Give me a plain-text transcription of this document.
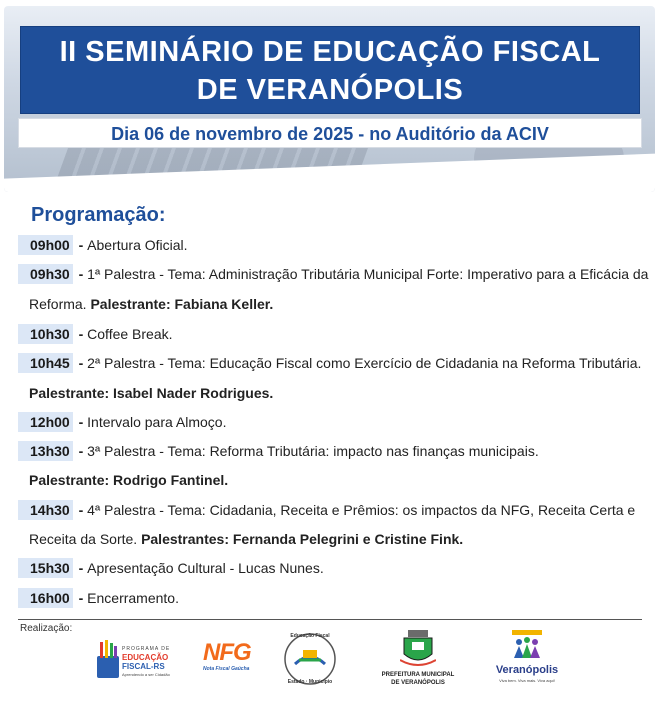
II SEMINÁRIO DE EDUCAÇÃO FISCAL
DE VERANÓPOLIS
Dia 06 de novembro de 2025 - no Auditório da ACIV
Programação:
09h00 - Abertura Oficial.
09h30 - 1ª Palestra - Tema: Administração Tributária Municipal Forte: Imperativo para a Eficácia da
Reforma. Palestrante: Fabiana Keller.
10h30 - Coffee Break.
10h45 - 2ª Palestra - Tema: Educação Fiscal como Exercício de Cidadania na Reforma Tributária.
Palestrante: Isabel Nader Rodrigues.
12h00 - Intervalo para Almoço.
13h30 - 3ª Palestra - Tema: Reforma Tributária: impacto nas finanças municipais.
Palestrante: Rodrigo Fantinel.
14h30 - 4ª Palestra - Tema: Cidadania, Receita e Prêmios: os impactos da NFG, Receita Certa e
Receita da Sorte. Palestrantes: Fernanda Pelegrini e Cristine Fink.
15h30 - Apresentação Cultural - Lucas Nunes.
16h00 - Encerramento.
Realização:
PROGRAMA DE
EDUCAÇÃO
FISCAL-RS
Aprendendo a ser Cidadão
NFG
Nota Fiscal Gaúcha
Educação Fiscal
Estado · Município
PREFEITURA MUNICIPAL
DE VERANÓPOLIS
Veranópolis
Viva bem. Viva mais. Viva aqui!
